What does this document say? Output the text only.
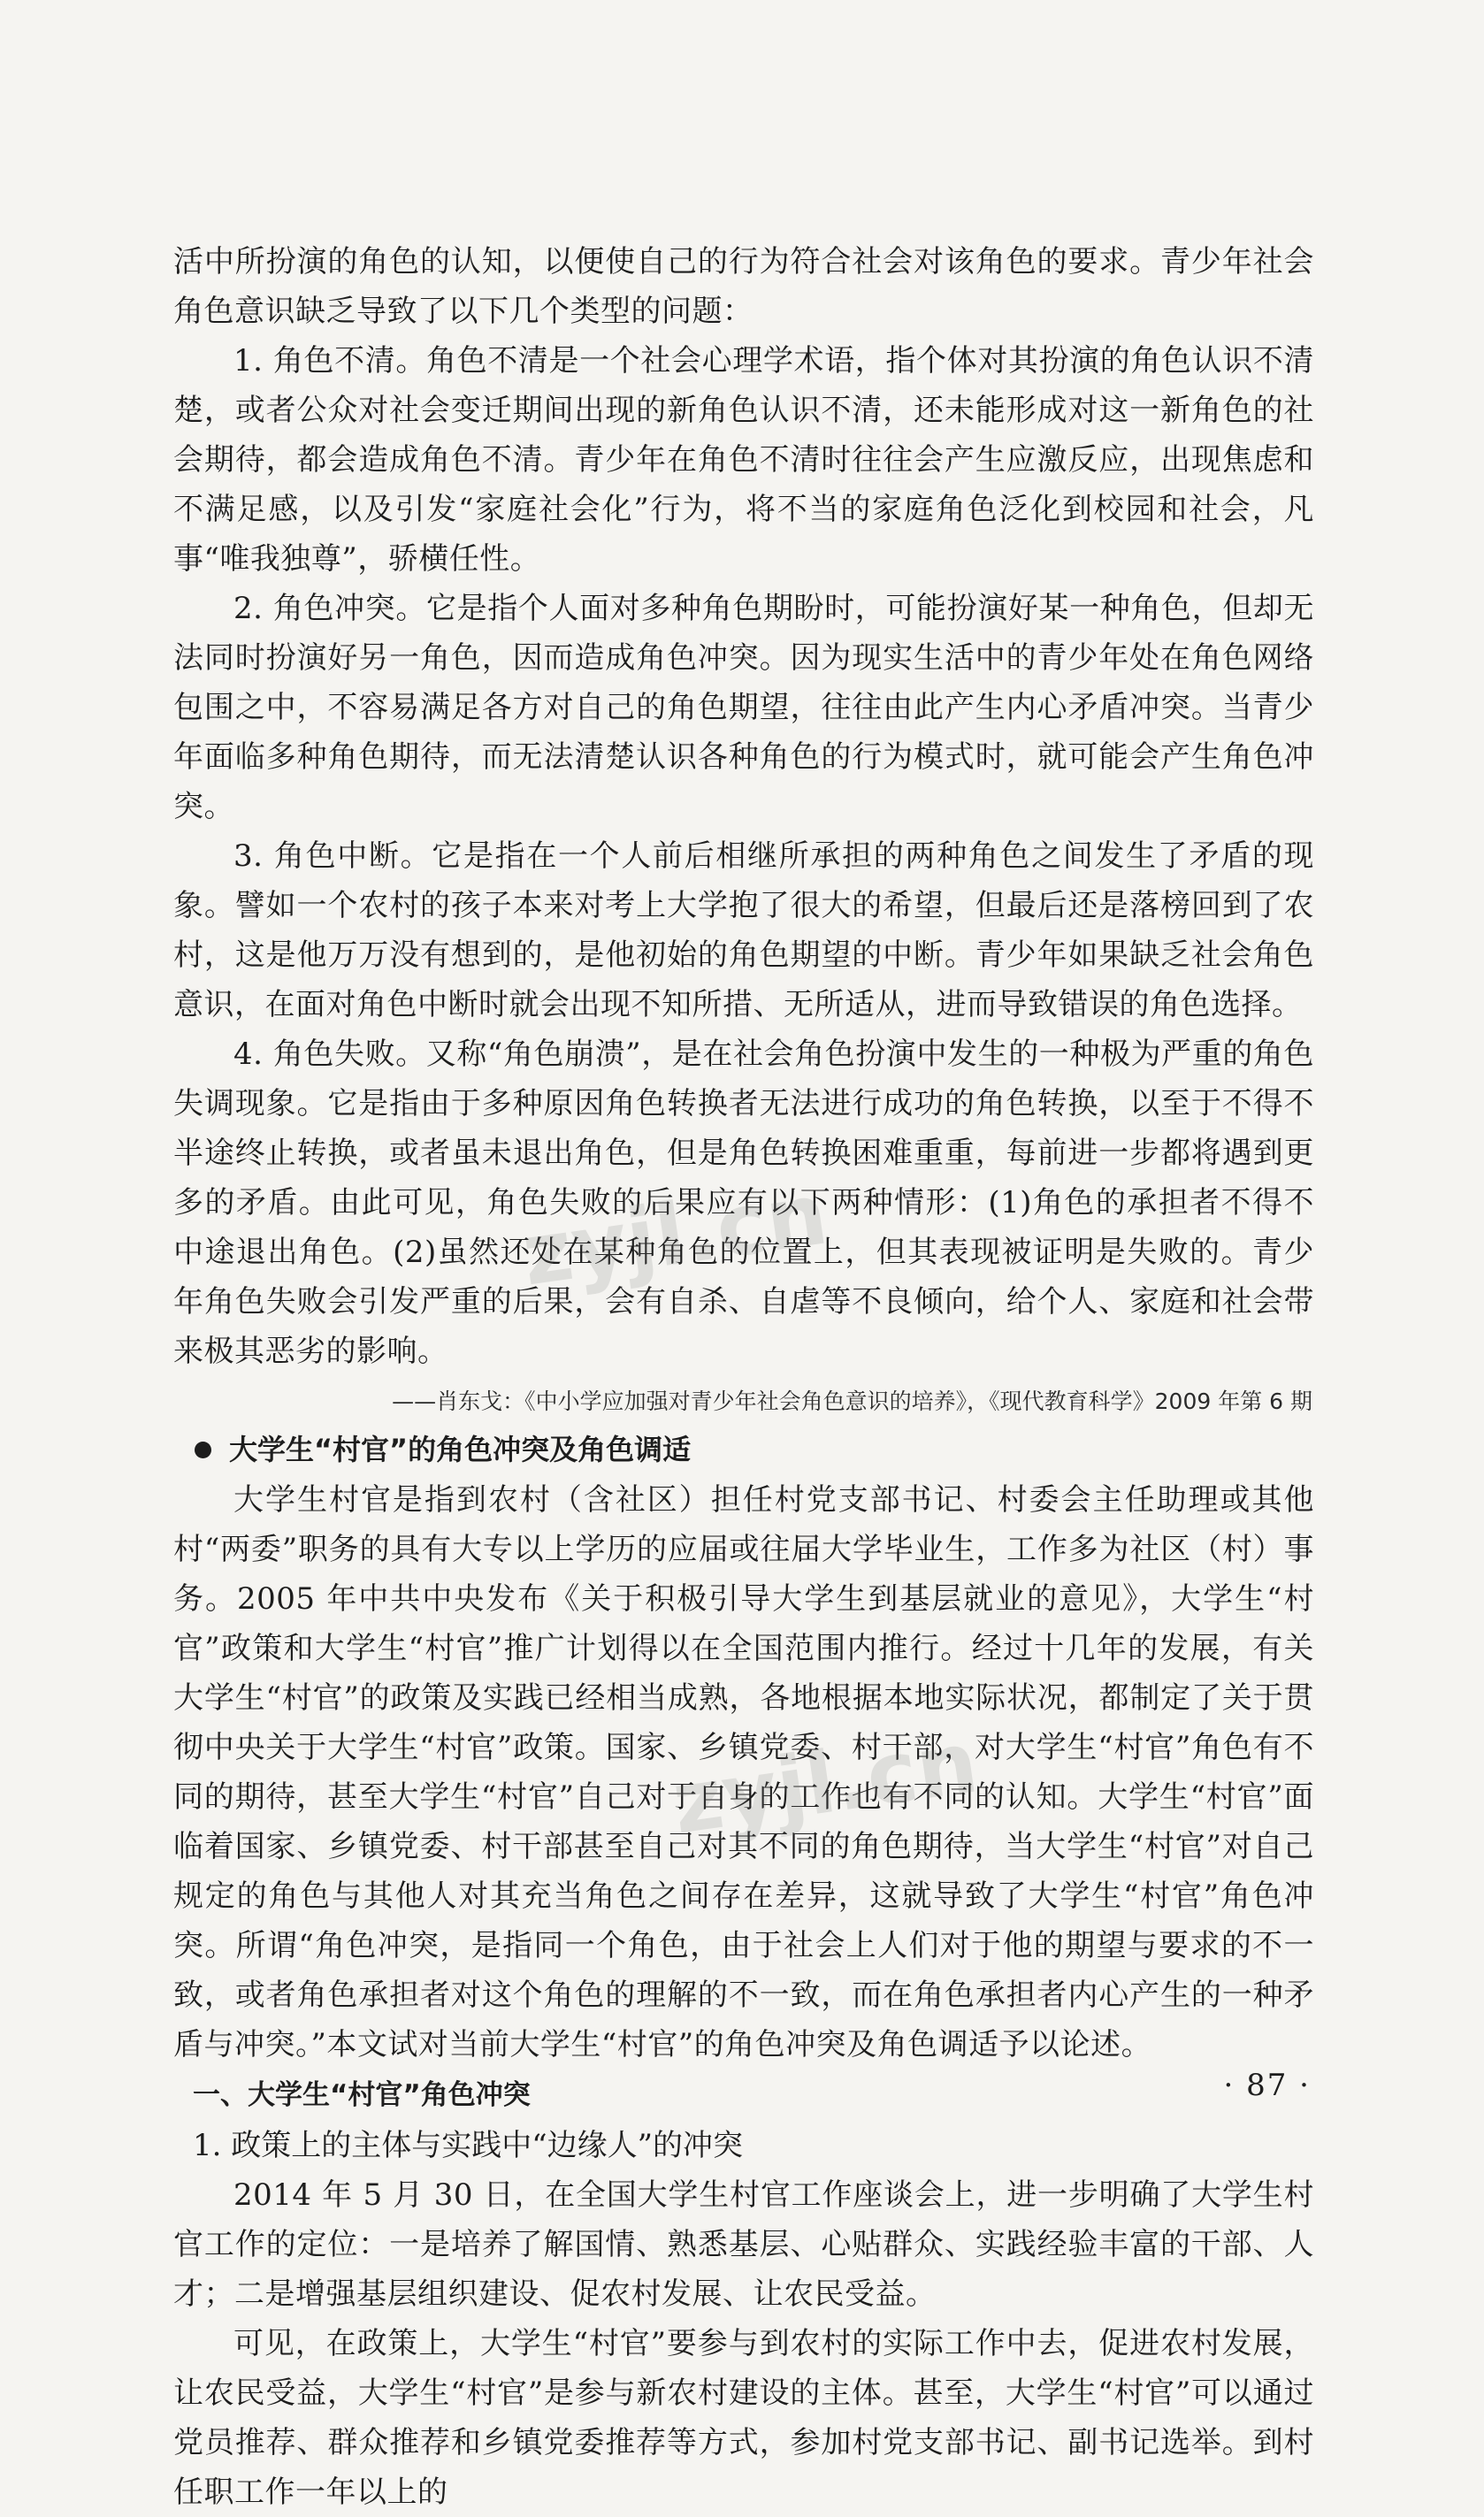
活中所扮演的角色的认知，以便使自己的行为符合社会对该角色的要求。青少年社会角色意识缺乏导致了以下几个类型的问题：

1. 角色不清。角色不清是一个社会心理学术语，指个体对其扮演的角色认识不清楚，或者公众对社会变迁期间出现的新角色认识不清，还未能形成对这一新角色的社会期待，都会造成角色不清。青少年在角色不清时往往会产生应激反应，出现焦虑和不满足感，以及引发“家庭社会化”行为，将不当的家庭角色泛化到校园和社会，凡事“唯我独尊”，骄横任性。

2. 角色冲突。它是指个人面对多种角色期盼时，可能扮演好某一种角色，但却无法同时扮演好另一角色，因而造成角色冲突。因为现实生活中的青少年处在角色网络包围之中，不容易满足各方对自己的角色期望，往往由此产生内心矛盾冲突。当青少年面临多种角色期待，而无法清楚认识各种角色的行为模式时，就可能会产生角色冲突。

3. 角色中断。它是指在一个人前后相继所承担的两种角色之间发生了矛盾的现象。譬如一个农村的孩子本来对考上大学抱了很大的希望，但最后还是落榜回到了农村，这是他万万没有想到的，是他初始的角色期望的中断。青少年如果缺乏社会角色意识，在面对角色中断时就会出现不知所措、无所适从，进而导致错误的角色选择。

4. 角色失败。又称“角色崩溃”，是在社会角色扮演中发生的一种极为严重的角色失调现象。它是指由于多种原因角色转换者无法进行成功的角色转换，以至于不得不半途终止转换，或者虽未退出角色，但是角色转换困难重重，每前进一步都将遇到更多的矛盾。由此可见，角色失败的后果应有以下两种情形：(1)角色的承担者不得不中途退出角色。(2)虽然还处在某种角色的位置上，但其表现被证明是失败的。青少年角色失败会引发严重的后果，会有自杀、自虐等不良倾向，给个人、家庭和社会带来极其恶劣的影响。

——肖东戈：《中小学应加强对青少年社会角色意识的培养》，《现代教育科学》2009 年第 6 期

大学生“村官”的角色冲突及角色调适

大学生村官是指到农村（含社区）担任村党支部书记、村委会主任助理或其他村“两委”职务的具有大专以上学历的应届或往届大学毕业生，工作多为社区（村）事务。2005 年中共中央发布《关于积极引导大学生到基层就业的意见》，大学生“村官”政策和大学生“村官”推广计划得以在全国范围内推行。经过十几年的发展，有关大学生“村官”的政策及实践已经相当成熟，各地根据本地实际状况，都制定了关于贯彻中央关于大学生“村官”政策。国家、乡镇党委、村干部，对大学生“村官”角色有不同的期待，甚至大学生“村官”自己对于自身的工作也有不同的认知。大学生“村官”面临着国家、乡镇党委、村干部甚至自己对其不同的角色期待，当大学生“村官”对自己规定的角色与其他人对其充当角色之间存在差异，这就导致了大学生“村官”角色冲突。所谓“角色冲突，是指同一个角色，由于社会上人们对于他的期望与要求的不一致，或者角色承担者对这个角色的理解的不一致，而在角色承担者内心产生的一种矛盾与冲突。”本文试对当前大学生“村官”的角色冲突及角色调适予以论述。

一、大学生“村官”角色冲突

1. 政策上的主体与实践中“边缘人”的冲突

2014 年 5 月 30 日，在全国大学生村官工作座谈会上，进一步明确了大学生村官工作的定位：一是培养了解国情、熟悉基层、心贴群众、实践经验丰富的干部、人才；二是增强基层组织建设、促农村发展、让农民受益。

可见，在政策上，大学生“村官”要参与到农村的实际工作中去，促进农村发展，让农民受益，大学生“村官”是参与新农村建设的主体。甚至，大学生“村官”可以通过党员推荐、群众推荐和乡镇党委推荐等方式，参加村党支部书记、副书记选举。到村任职工作一年以上的

zyjl.cn
zyjl.cn
· 87 ·
